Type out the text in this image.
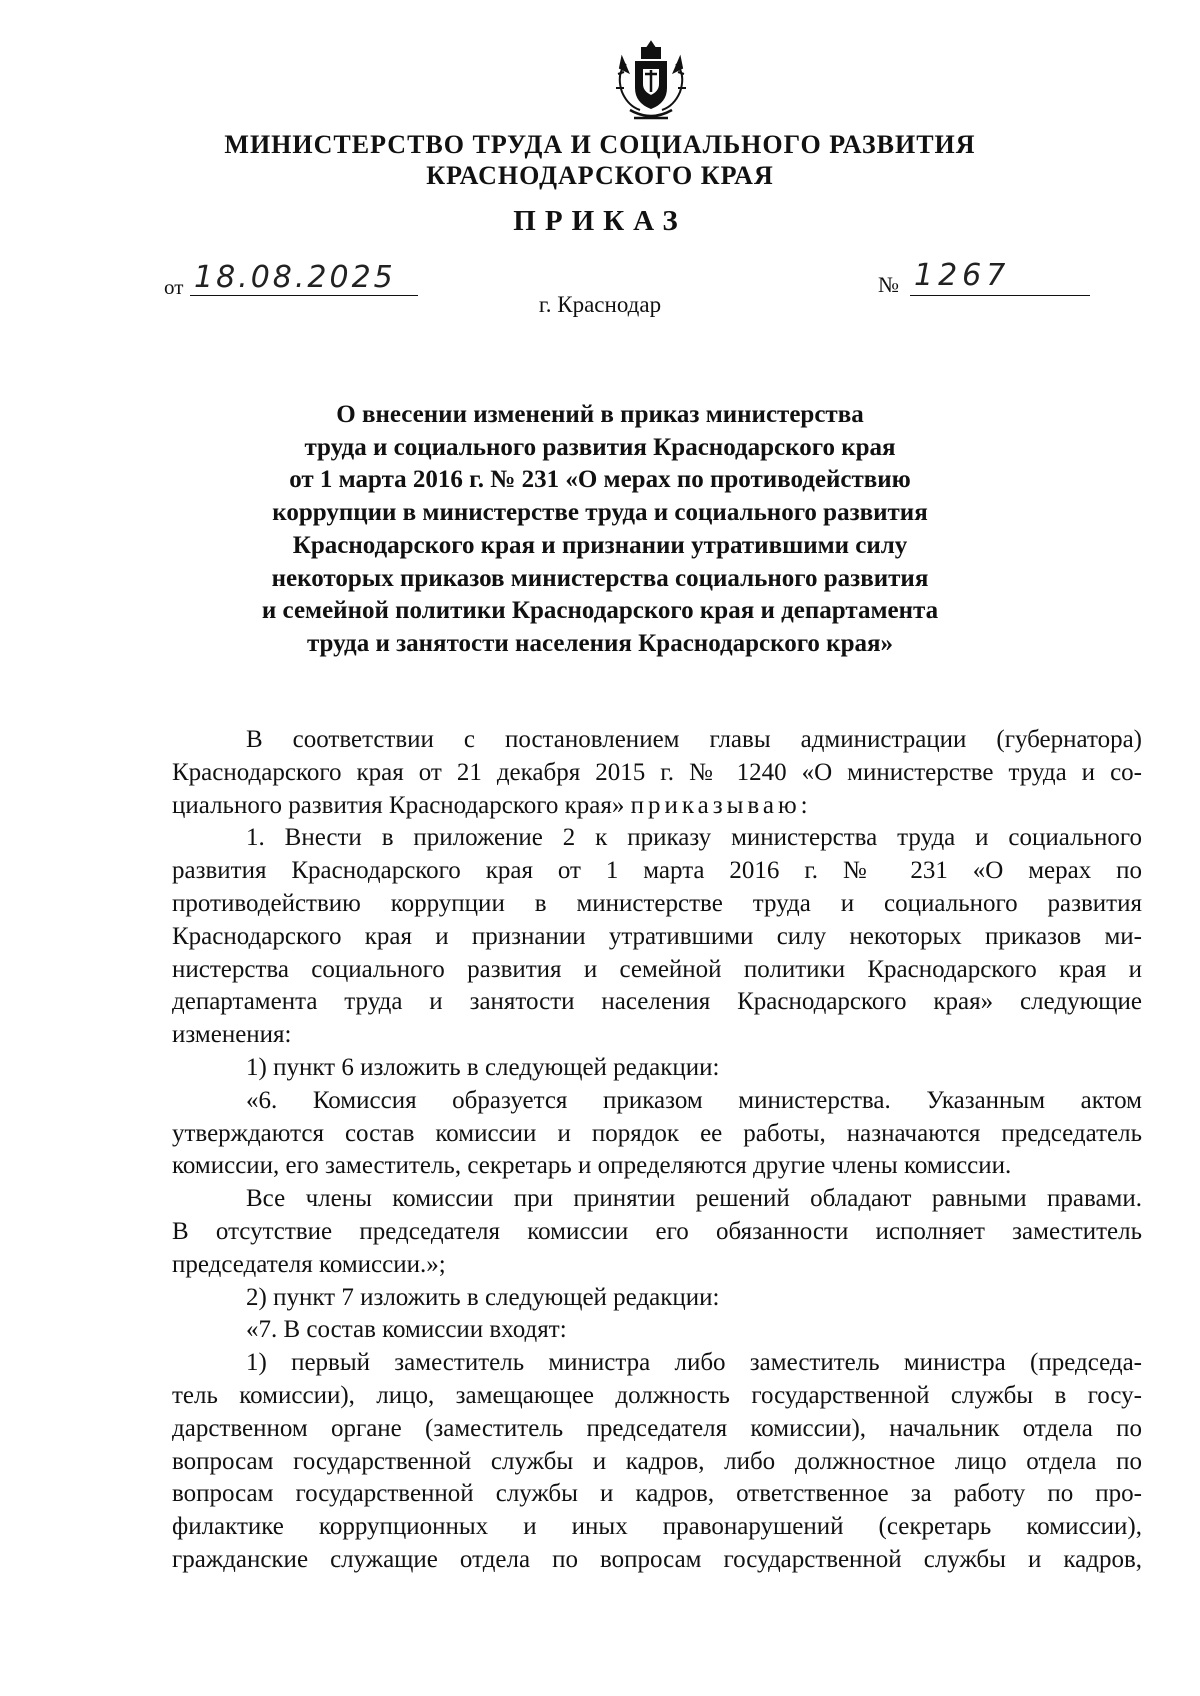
МИНИСТЕРСТВО ТРУДА И СОЦИАЛЬНОГО РАЗВИТИЯ
КРАСНОДАРСКОГО КРАЯ
ПРИКАЗ
от 18.08.2025	№ 1267
г. Краснодар
О внесении изменений в приказ министерства
труда и социального развития Краснодарского края
от 1 марта 2016 г. № 231 «О мерах по противодействию
коррупции в министерстве труда и социального развития
Краснодарского края и признании утратившими силу
некоторых приказов министерства социального развития
и семейной политики Краснодарского края и департамента
труда и занятости населения Краснодарского края»
В соответствии с постановлением главы администрации (губернатора)
Краснодарского края от 21 декабря 2015 г. № 1240 «О министерстве труда и со-
циального развития Краснодарского края» приказываю:
1. Внести в приложение 2 к приказу министерства труда и социального
развития Краснодарского края от 1 марта 2016 г. № 231 «О мерах по
противодействию коррупции в министерстве труда и социального развития
Краснодарского края и признании утратившими силу некоторых приказов ми-
нистерства социального развития и семейной политики Краснодарского края и
департамента труда и занятости населения Краснодарского края» следующие
изменения:
1) пункт 6 изложить в следующей редакции:
«6. Комиссия образуется приказом министерства. Указанным актом
утверждаются состав комиссии и порядок ее работы, назначаются председатель
комиссии, его заместитель, секретарь и определяются другие члены комиссии.
Все члены комиссии при принятии решений обладают равными правами.
В отсутствие председателя комиссии его обязанности исполняет заместитель
председателя комиссии.»;
2) пункт 7 изложить в следующей редакции:
«7. В состав комиссии входят:
1) первый заместитель министра либо заместитель министра (председа-
тель комиссии), лицо, замещающее должность государственной службы в госу-
дарственном органе (заместитель председателя комиссии), начальник отдела по
вопросам государственной службы и кадров, либо должностное лицо отдела по
вопросам государственной службы и кадров, ответственное за работу по про-
филактике коррупционных и иных правонарушений (секретарь комиссии),
гражданские служащие отдела по вопросам государственной службы и кадров,
